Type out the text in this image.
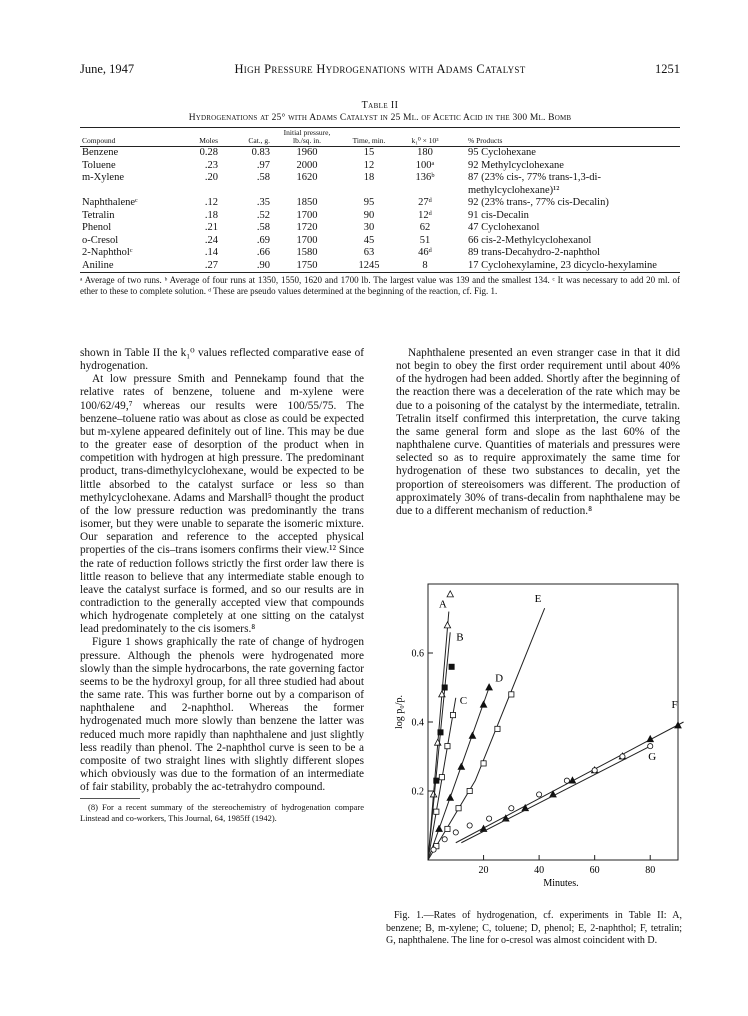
June, 1947	High Pressure Hydrogenations with Adams Catalyst	1251
Table II
Hydrogenations at 25° with Adams Catalyst in 25 Ml. of Acetic Acid in the 300 Ml. Bomb
Compound	Moles	Cat., g.	Initial pressure, lb./sq. in.	Time, min.	k₁⁰ × 10³	% Products
Benzene	0.28	0.83	1960	15	180	95 Cyclohexane
Toluene	.23	.97	2000	12	100ᵃ	92 Methylcyclohexane
m-Xylene	.20	.58	1620	18	136ᵇ	87 (23% cis-, 77% trans-1,3-di-methylcyclohexane)¹²
Naphthaleneᶜ	.12	.35	1850	95	27ᵈ	92 (23% trans-, 77% cis-Decalin)
Tetralin	.18	.52	1700	90	12ᵈ	91 cis-Decalin
Phenol	.21	.58	1720	30	62	47 Cyclohexanol
o-Cresol	.24	.69	1700	45	51	66 cis-2-Methylcyclohexanol
2-Naphtholᶜ	.14	.66	1580	63	46ᵈ	89 trans-Decahydro-2-naphthol
Aniline	.27	.90	1750	1245	8	17 Cyclohexylamine, 23 dicyclo-hexylamine
ᵃ Average of two runs. ᵇ Average of four runs at 1350, 1550, 1620 and 1700 lb. The largest value was 139 and the smallest 134. ᶜ It was necessary to add 20 ml. of ether to these to complete solution. ᵈ These are pseudo values determined at the beginning of the reaction, cf. Fig. 1.

shown in Table II the k₁⁰ values reflected comparative ease of hydrogenation.

At low pressure Smith and Pennekamp found that the relative rates of benzene, toluene and m-xylene were 100/62/49,⁷ whereas our results were 100/55/75. The benzene–toluene ratio was about as close as could be expected but m-xylene appeared definitely out of line. This may be due to the greater ease of desorption of the product when in competition with hydrogen at high pressure. The predominant product, trans-dimethylcyclohexane, would be expected to be little absorbed to the catalyst surface or less so than methylcyclohexane. Adams and Marshall⁵ thought the product of the low pressure reduction was predominantly the trans isomer, but they were unable to separate the isomeric mixture. Our separation and reference to the accepted physical properties of the cis–trans isomers confirms their view.¹² Since the rate of reduction follows strictly the first order law there is little reason to believe that any intermediate stable enough to leave the catalyst surface is formed, and so our results are in contradiction to the generally accepted view that compounds which hydrogenate completely at one sitting on the catalyst lead predominately to the cis isomers.⁸

Figure 1 shows graphically the rate of change of hydrogen pressure. Although the phenols were hydrogenated more slowly than the simple hydrocarbons, the rate governing factor seems to be the hydroxyl group, for all three studied had about the same rate. This was further borne out by a comparison of naphthalene and 2-naphthol. Whereas the former hydrogenated much more slowly than benzene the latter was reduced much more rapidly than naphthalene and just slightly less readily than phenol. The 2-naphthol curve is seen to be a composite of two straight lines with slightly different slopes which obviously was due to the formation of an intermediate of fair stability, probably the ac-tetrahydro compound.

(8) For a recent summary of the stereochemistry of hydrogenation compare Linstead and co-workers, This Journal, 64, 1985ff (1942).

Naphthalene presented an even stranger case in that it did not begin to obey the first order requirement until about 40% of the hydrogen had been added. Shortly after the beginning of the reaction there was a deceleration of the rate which may be due to a poisoning of the catalyst by the intermediate, tetralin. Tetralin itself confirmed this interpretation, the curve taking the same general form and slope as the last 60% of the naphthalene curve. Quantities of materials and pressures were selected so as to require approximately the same time for hydrogenation of these two substances to decalin, yet the proportion of stereoisomers was different. The production of approximately 30% of trans-decalin from naphthalene may be due to a different mechanism of reduction.⁸

20	40	60	80
0.2
0.4
0.6
Minutes.
log p₀/p.
A
B
C
D
E
F
G
Fig. 1.—Rates of hydrogenation, cf. experiments in Table II: A, benzene; B, m-xylene; C, toluene; D, phenol; E, 2-naphthol; F, tetralin; G, naphthalene. The line for o-cresol was almost coincident with D.
